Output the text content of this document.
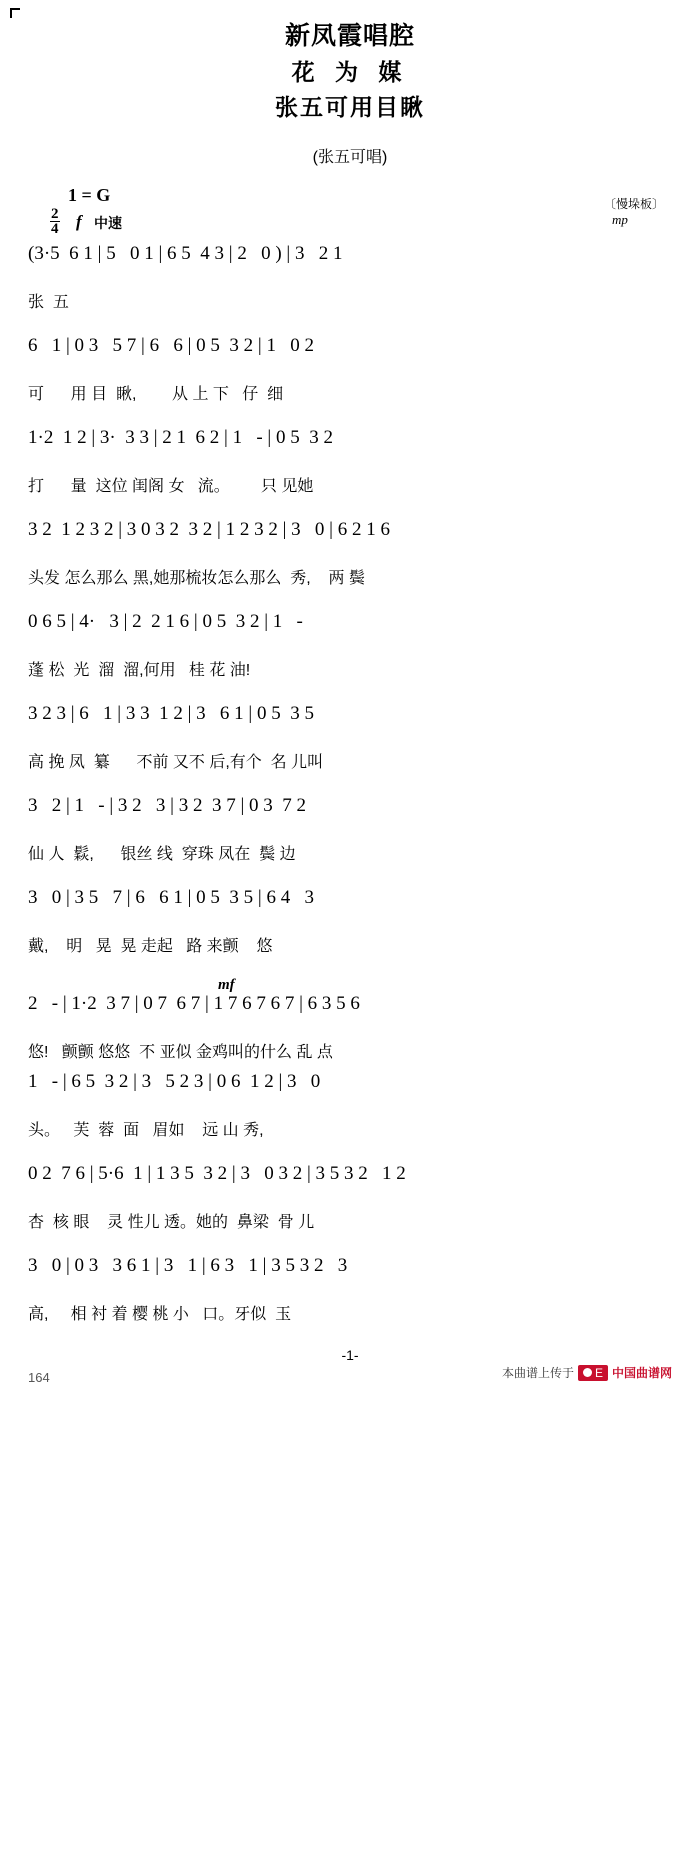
新凤霞唱腔
花 为 媒
张五可用目瞅
(张五可唱)
1 = G
$\frac{2}{4}$ f 中速
〔慢垛板〕
mp
(3·5  6 1 | 5   0 1 | 6 5  4 3 | 2   0 ) | 3   2 1
张  五
6   1 | 0 3   5 7 | 6   6 | 0 5  3 2 | 1   0 2
可      用 目  瞅,        从 上 下   仔  细
1·2  1 2 | 3·  3 3 | 2 1  6 2 | 1   - | 0 5  3 2
打      量  这位 闺阁 女   流。       只 见她
3 2  1 2 3 2 | 3 0 3 2  3 2 | 1 2 3 2 | 3   0 | 6 2 1 6
头发 怎么那么 黑,她那梳妆怎么那么  秀,    两 鬓
0 6 5 | 4·   3 | 2  2 1 6 | 0 5  3 2 | 1   -
蓬 松  光  溜  溜,何用   桂 花 油!
3 2 3 | 6   1 | 3 3  1 2 | 3   6 1 | 0 5  3 5
高 挽 凤  纂      不前 又不 后,有个  名 儿叫
3   2 | 1   - | 3 2   3 | 3 2  3 7 | 0 3  7 2
仙 人  鬏,      银丝 线  穿珠 凤在  鬓 边
3   0 | 3 5   7 | 6   6 1 | 0 5  3 5 | 6 4   3
戴,    明   晃  晃 走起   路 来颤    悠
mf
2   - | 1·2  3 7 | 0 7  6 7 | 1 7 6 7 6 7 | 6 3 5 6
悠!   颤颤 悠悠  不 亚似 金鸡叫的什么 乱 点
1   - | 6 5  3 2 | 3   5 2 3 | 0 6  1 2 | 3   0
头。   芙  蓉  面   眉如    远 山 秀,
0 2  7 6 | 5·6  1 | 1 3 5  3 2 | 3   0 3 2 | 3 5 3 2   1 2
杏  核 眼    灵 性儿 透。她的  鼻梁  骨 儿
3   0 | 0 3   3 6 1 | 3   1 | 6 3   1 | 3 5 3 2   3
高,     相 衬 着 樱 桃 小   口。牙似  玉
164
-1-
本曲谱上传于	E 中国曲谱网
